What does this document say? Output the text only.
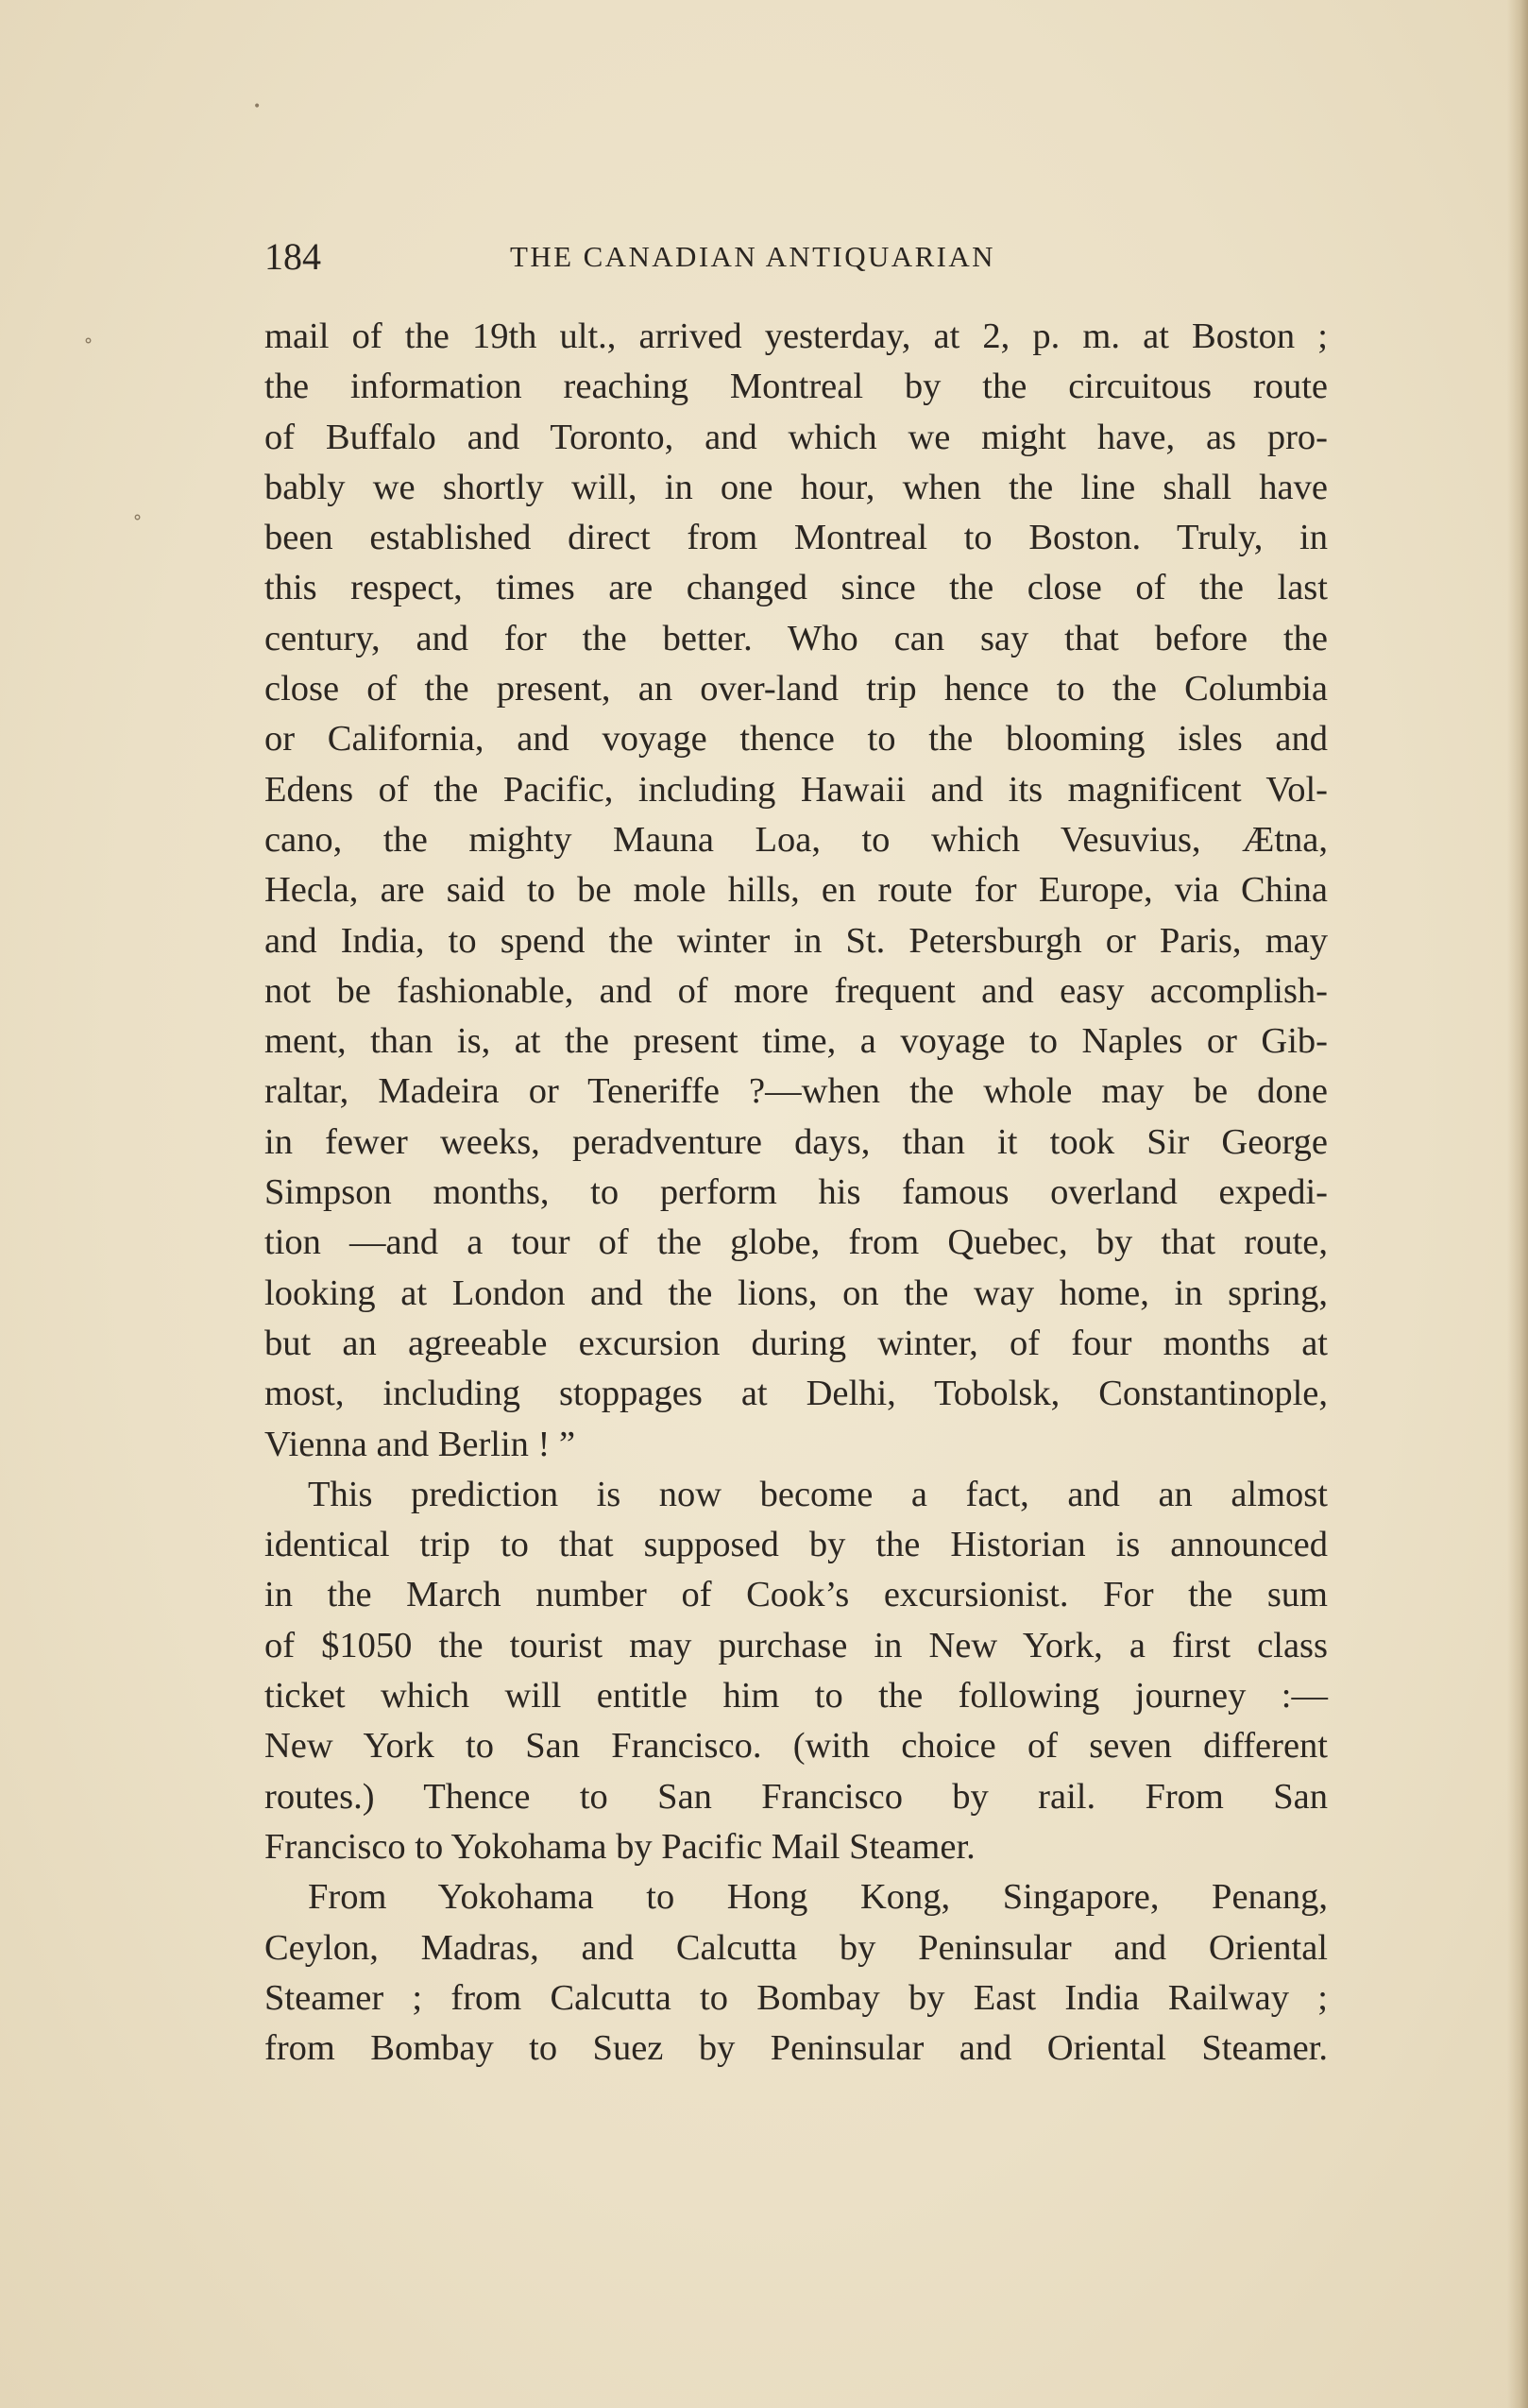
˚
˚
•
184	THE CANADIAN ANTIQUARIAN
mail of the 19th ult., arrived yesterday, at 2, p. m. at Boston ;
the information reaching Montreal by the circuitous route
of Buffalo and Toronto, and which we might have, as pro-
bably we shortly will, in one hour, when the line shall have
been established direct from Montreal to Boston. Truly, in
this respect, times are changed since the close of the last
century, and for the better. Who can say that before the
close of the present, an over-land trip hence to the Columbia
or California, and voyage thence to the blooming isles and
Edens of the Pacific, including Hawaii and its magnificent Vol-
cano, the mighty Mauna Loa, to which Vesuvius, Ætna,
Hecla, are said to be mole hills, en route for Europe, via China
and India, to spend the winter in St. Petersburgh or Paris, may
not be fashionable, and of more frequent and easy accomplish-
ment, than is, at the present time, a voyage to Naples or Gib-
raltar, Madeira or Teneriffe ?—when the whole may be done
in fewer weeks, peradventure days, than it took Sir George
Simpson months, to perform his famous overland expedi-
tion —and a tour of the globe, from Quebec, by that route,
looking at London and the lions, on the way home, in spring,
but an agreeable excursion during winter, of four months at
most, including stoppages at Delhi, Tobolsk, Constantinople,
Vienna and Berlin ! ”
This prediction is now become a fact, and an almost
identical trip to that supposed by the Historian is announced
in the March number of Cook’s excursionist. For the sum
of $1050 the tourist may purchase in New York, a first class
ticket which will entitle him to the following journey :—
New York to San Francisco. (with choice of seven different
routes.) Thence to San Francisco by rail. From San
Francisco to Yokohama by Pacific Mail Steamer.
From Yokohama to Hong Kong, Singapore, Penang,
Ceylon, Madras, and Calcutta by Peninsular and Oriental
Steamer ; from Calcutta to Bombay by East India Railway ;
from Bombay to Suez by Peninsular and Oriental Steamer.
